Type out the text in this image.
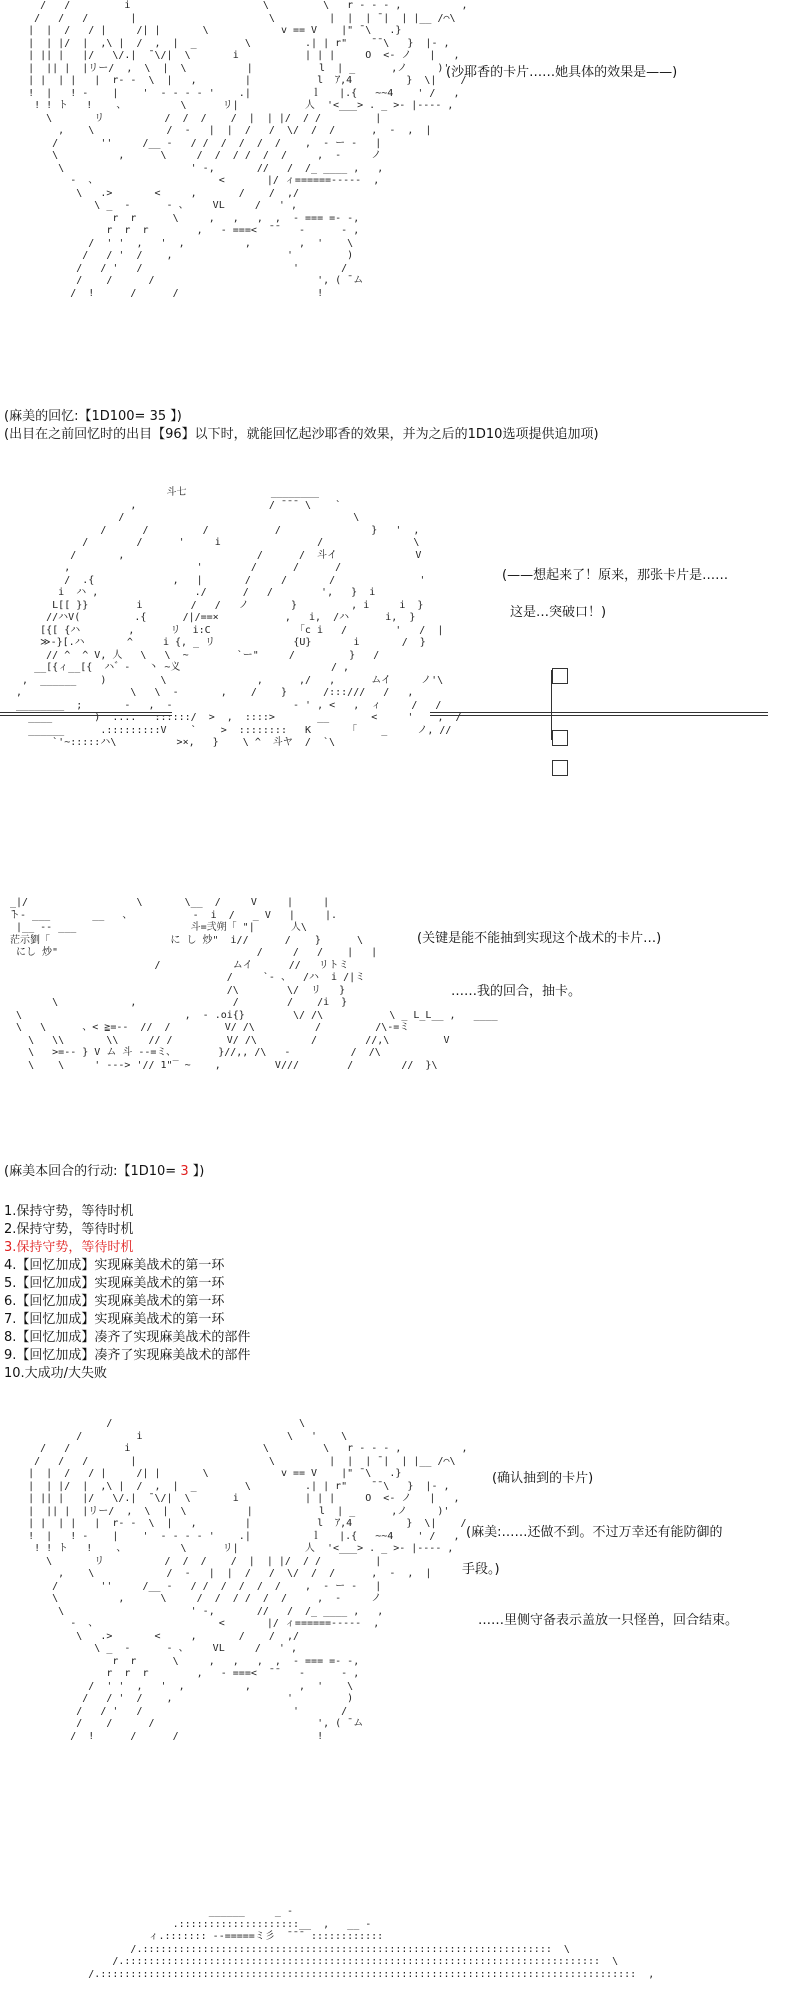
/   /         i                      \         \   r - - - ,          ,
/   /   /       |                      \         |  |  | ̄ |  | |__ /⌒\
|  |  /   / |     /| |       \            v == V    |" ̄ \   .}
|  | |/  |  ,\ |  /  ,  |  _        \         .| | r"    ̄ ̄ \   }  |- ,
| || |   |/   \/.|  ̄ \/|  \       i           | | |     O  <- ノ   |   ,
|  || |  |リー/  ,  \  |  \          |           l  | _      ,ノ     )'
| |  | |   |  r- -  \  |   ,        |           l  ｱ,4         }  \|    /
!  |   ! -    |    '  - - - - '    .|          ｌ   |.{   ~~4    ' /   ,
! ! ト   !    、         \      リ|           人  '<___> . _ >- |---- ,
\       リ          /  /  /    /  |  | |/  / /         |
,    \            /  -   |  |  /   /  \/  /  /      ,  -  ,  |
/       ''     /__ -   / /  /  /  /  /    ,  - ー -   |
\          ,      \     /  /  / /  /  /     ,  -     ノ
\                     ' -,       //   /  /_ ____ ,   ,
-  、                    <       |/ ィ======-----  ,
\   .>       <     ,       /    /  ,/
\ _  -      - 、    VL     /   ' ,
r  r      \     ,   ,   ,  ,  - === =- -,
r  r  r        ,   - ===<  ̄ ̄    -      - ,
/  ' '  ,   '  ,          ,        ,  '    \
/   / '  /    ,                   '         )
/   / '   /                         '       /
/    /      /                           ', ( ̄ ム
/  !      /      /                       !
(沙耶香的卡片……她具体的效果是——)
(麻美的回忆:【1D100= 35 】)
(出目在之前回忆时的出目【96】以下时，就能回忆起沙耶香的效果，并为之后的1D10选项提供追加项)
斗七              ________
,                      / ̄ ̄ ̄  \    `
/                                      \
/      /         /           /               }   '  ,
/        /      '     i                /               \
/       ,                      /      /  斗イ             V
,                     '        /      /      /
/  .{             ,   |       /     /       /              '
i  ハ ,                ./      /   /        ',   }  i
L[[ }}        i        /   /   ノ       }         , i     i  }
//ハV(         .{      /|/==×           ,   i,  /ハ      i,  }
[{[ {ハ        ,      リ  i:C              「c i   /        '   /  |
≫-}[.ハ       ^     i {, _ リ             {U}       i       /  }
// ^  ^ V, 人   \   \  ~        `ー"     /         }   /
__[{ィ__[{  ハ゛-   丶 ~义                         / ,
,  ______    )         \               ,      ,/   ,      ムイ     ノ'\
,                  \   \  -       ,    /    }      /:::///   /   ,
________  ;       ‐   ,  -                    - ' , <   ,  ィ     /   /
____       )  ....   ::::::/  >  ,  ::::>       __       <     '    ,  /
______      .:::::::::V    `    >  ::::::::   K      「    _     ノ, //
`'~:::::ハ\          >×,   }    \ ^  斗ヤ  /  `\
(——想起来了！原来，那张卡片是……
这是…突破口！)
_|/                  \       \__  /     V     |     |
̄ト- ___       __   、          -  i  /   _ V   |     |.
|__ -- ___                   斗=弐朔「 "|      人\
茫示劉「                    に し 炒"  i//      /    }      \
にし 炒"                                 /     /   /    |   |
/            ムイ      //   リトミ
/     `- 、  /ハ  i /|ミ
/\        \/  リ   }
\            ,                /        /    /i  }
\                           ,  - .oi{}        \/ /\           \ _ L_L__ ,   ____
\   \      、< ≧=--  //  /         V/ /\          /         /\-=ミ
\   \\       \\     // /         V/ /\         /        //,\         V
\   >=-- } V ム 斗 --=ミ、       }//,, /\   -          /  /\
\    \     ' ---> '// 1"‾ ~    ,         V///        /        //  }\
(关键是能不能抽到实现这个战术的卡片…)
……我的回合，抽卡。
(麻美本回合的行动:【1D10= 3 】)
1.保持守势，等待时机
2.保持守势，等待时机
3.保持守势，等待时机
4.【回忆加成】实现麻美战术的第一环
5.【回忆加成】实现麻美战术的第一环
6.【回忆加成】实现麻美战术的第一环
7.【回忆加成】实现麻美战术的第一环
8.【回忆加成】凑齐了实现麻美战术的部件
9.【回忆加成】凑齐了实现麻美战术的部件
10.大成功/大失败
/                               \
/         i                        \   '    \
/   /         i                      \         \   r - - - ,          ,
/   /   /       |                      \         |  |  | ̄ |  | |__ /⌒\
|  |  /   / |     /| |       \            v == V    |" ̄ \   .}
|  | |/  |  ,\ |  /  ,  |  _        \         .| | r"    ̄ ̄ \   }  |- ,
| || |   |/   \/.|  ̄ \/|  \       i           | | |     O  <- ノ   |   ,
|  || |  |リー/  ,  \  |  \          |           l  | _      ,ノ     )'
| |  | |   |  r- -  \  |   ,        |           l  ｱ,4         }  \|    /
!  |   ! -    |    '  - - - - '    .|          ｌ   |.{   ~~4    ' /   ,
! ! ト   !    、         \      リ|           人  '<___> . _ >- |---- ,
\       リ          /  /  /    /  |  | |/  / /         |
,    \            /  -   |  |  /   /  \/  /  /      ,  -  ,  |
/       ''     /__ -   / /  /  /  /  /    ,  - ー -   |
\          ,      \     /  /  / /  /  /     ,  -     ノ
\                     ' -,       //   /  /_ ____ ,   ,
-  、                    <       |/ ィ======-----  ,
\   .>       <     ,       /    /  ,/
\ _  -      - 、    VL     /   ' ,
r  r      \     ,   ,   ,  ,  - === =- -,
r  r  r        ,   - ===<  ̄ ̄    -      - ,
/  ' '  ,   '  ,          ,        ,  '    \
/   / '  /    ,                   '         )
/   / '   /                         '       /
/    /      /                           ', ( ̄ ム
/  !      /      /                       !
(确认抽到的卡片)
(麻美:……还做不到。不过万幸还有能防御的
手段。)
……里侧守备表示盖放一只怪兽，回合结束。
______     _ -
.::::::::::::::::::::__  ,   __ -
ィ.::::::: --=====ミ彡  ̄ ̄ ̄  ::::::::::::
/.::::::::::::::::::::::::::::::::::::::::::::::::::::::::::::::::::::  \
/.:::::::::::::::::::::::::::::::::::::::::::::::::::::::::::::::::::::::::::::::  \
/.:::::::::::::::::::::::::::::::::::::::::::::::::::::::::::::::::::::::::::::::::::::::::  ,
